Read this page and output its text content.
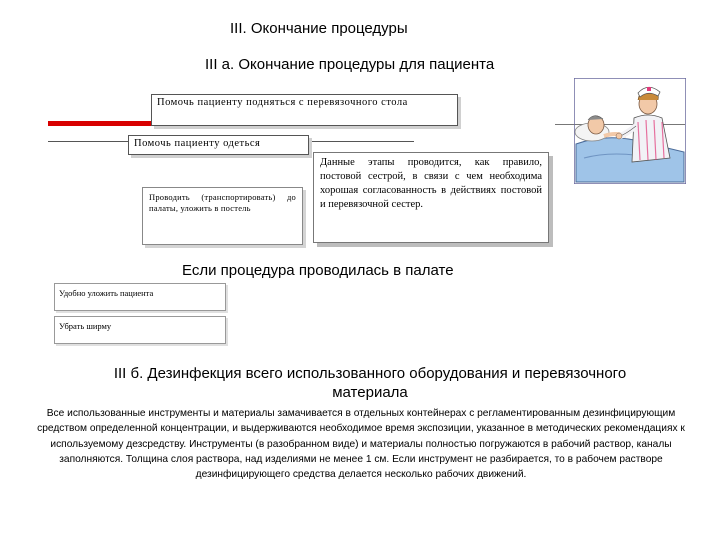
III. Окончание процедуры
III а. Окончание процедуры для пациента
Помочь пациенту подняться с перевязочного стола
Помочь пациенту одеться
Проводить (транспортировать) до палаты, уложить в постель
Данные этапы проводится, как правило, постовой сестрой, в связи с чем необходима хорошая согласованность в действиях постовой и перевязочной сестер.
Если процедура проводилась в палате
Удобно уложить пациента
Убрать ширму
III б. Дезинфекция всего использованного оборудования и перевязочного материала
Все использованные инструменты и материалы замачивается в отдельных контейнерах с регламентированным дезинфицирующим средством определенной концентрации, и выдерживаются необходимое время экспозиции, указанное в методических рекомендациях к используемому дезсредству. Инструменты (в разобранном виде) и материалы полностью погружаются в рабочий раствор, каналы заполняются. Толщина слоя раствора, над изделиями не менее 1 см. Если инструмент не разбирается, то в рабочем растворе дезинфицирующего средства делается несколько рабочих движений.
